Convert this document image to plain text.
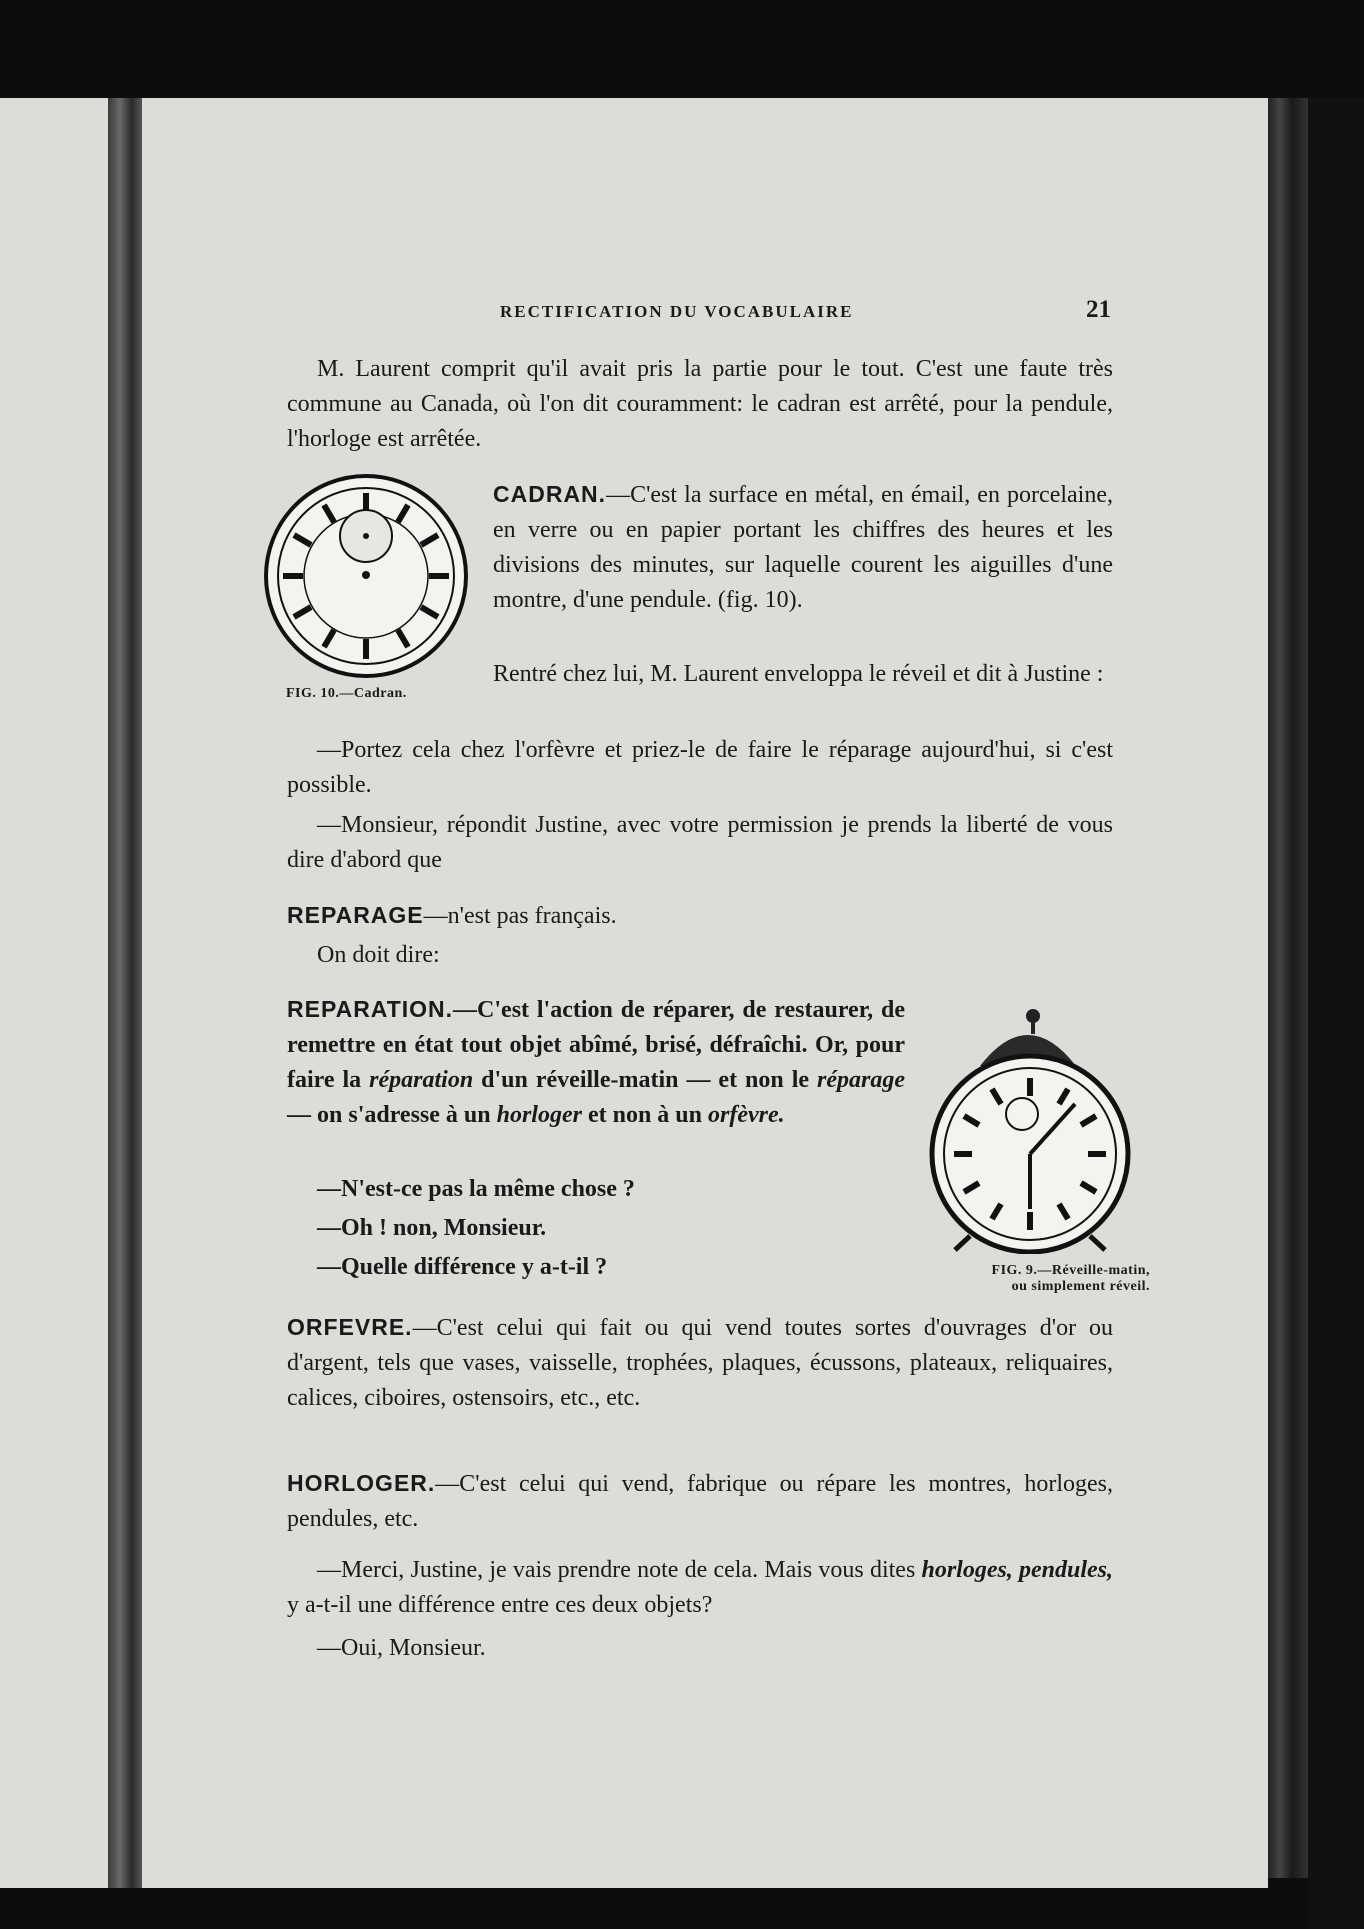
RECTIFICATION DU VOCABULAIRE	21
M. Laurent comprit qu'il avait pris la partie pour le tout. C'est une faute très commune au Canada, où l'on dit couramment: le cadran est arrêté, pour la pendule, l'horloge est arrêtée.
FIG. 10.—Cadran.
CADRAN.—C'est la surface en métal, en émail, en porcelaine, en verre ou en papier portant les chiffres des heures et les divisions des minutes, sur laquelle courent les aiguilles d'une montre, d'une pendule. (fig. 10).
Rentré chez lui, M. Laurent enveloppa le réveil et dit à Justine :
—Portez cela chez l'orfèvre et priez-le de faire le réparage aujourd'hui, si c'est possible.
—Monsieur, répondit Justine, avec votre permission je prends la liberté de vous dire d'abord que
REPARAGE—n'est pas français.
On doit dire:
REPARATION.—C'est l'action de réparer, de restaurer, de remettre en état tout objet abîmé, brisé, défraîchi. Or, pour faire la réparation d'un réveille-matin — et non le réparage — on s'adresse à un horloger et non à un orfèvre.
—N'est-ce pas la même chose ?
—Oh ! non, Monsieur.
—Quelle différence y a-t-il ?	FIG. 9.—Réveille-matin,
ou simplement réveil.
ORFEVRE.—C'est celui qui fait ou qui vend toutes sortes d'ouvrages d'or ou d'argent, tels que vases, vaisselle, trophées, plaques, écussons, plateaux, reliquaires, calices, ciboires, ostensoirs, etc., etc.
HORLOGER.—C'est celui qui vend, fabrique ou répare les montres, horloges, pendules, etc.
—Merci, Justine, je vais prendre note de cela. Mais vous dites horloges, pendules, y a-t-il une différence entre ces deux objets?
—Oui, Monsieur.
